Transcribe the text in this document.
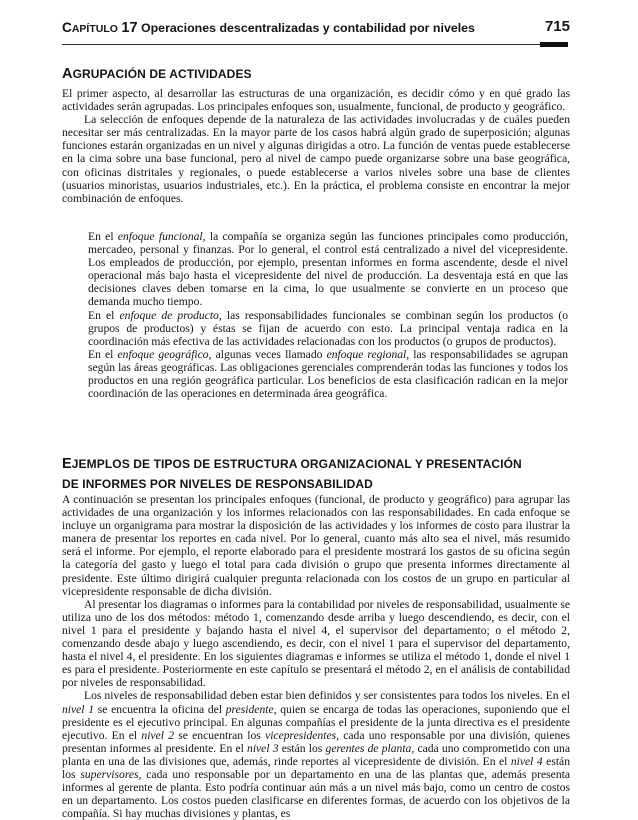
CAPÍTULO 17 Operaciones descentralizadas y contabilidad por niveles	715
AGRUPACIÓN DE ACTIVIDADES

El primer aspecto, al desarrollar las estructuras de una organización, es decidir cómo y en qué grado las actividades serán agrupadas. Los principales enfoques son, usualmente, funcional, de producto y geográfico.

La selección de enfoques depende de la naturaleza de las actividades involucradas y de cuáles pueden necesitar ser más centralizadas. En la mayor parte de los casos habrá algún grado de superposición; algunas funciones estarán organizadas en un nivel y algunas dirigidas a otro. La función de ventas puede establecerse en la cima sobre una base funcional, pero al nivel de campo puede organizarse sobre una base geográfica, con oficinas distritales y regionales, o puede establecerse a varios niveles sobre una base de clientes (usuarios minoristas, usuarios industriales, etc.). En la práctica, el problema consiste en encontrar la mejor combinación de enfoques.

En el enfoque funcional, la compañía se organiza según las funciones principales como producción, mercadeo, personal y finanzas. Por lo general, el control está centralizado a nivel del vicepresidente. Los empleados de producción, por ejemplo, presentan informes en forma ascendente, desde el nivel operacional más bajo hasta el vicepresidente del nivel de producción. La desventaja está en que las decisiones claves deben tomarse en la cima, lo que usualmente se convierte en un proceso que demanda mucho tiempo.

En el enfoque de producto, las responsabilidades funcionales se combinan según los productos (o grupos de productos) y éstas se fijan de acuerdo con esto. La principal ventaja radica en la coordinación más efectiva de las actividades relacionadas con los productos (o grupos de productos).

En el enfoque geográfico, algunas veces llamado enfoque regional, las responsabilidades se agrupan según las áreas geográficas. Las obligaciones gerenciales comprenderán todas las funciones y todos los productos en una región geográfica particular. Los beneficios de esta clasificación radican en la mejor coordinación de las operaciones en determinada área geográfica.

EJEMPLOS DE TIPOS DE ESTRUCTURA ORGANIZACIONAL Y PRESENTACIÓN
DE INFORMES POR NIVELES DE RESPONSABILIDAD

A continuación se presentan los principales enfoques (funcional, de producto y geográfico) para agrupar las actividades de una organización y los informes relacionados con las responsabilidades. En cada enfoque se incluye un organigrama para mostrar la disposición de las actividades y los informes de costo para ilustrar la manera de presentar los reportes en cada nivel. Por lo general, cuanto más alto sea el nivel, más resumido será el informe. Por ejemplo, el reporte elaborado para el presidente mostrará los gastos de su oficina según la categoría del gasto y luego el total para cada división o grupo que presenta informes directamente al presidente. Este último dirigirá cualquier pregunta relacionada con los costos de un grupo en particular al vicepresidente responsable de dicha división.

Al presentar los diagramas o informes para la contabilidad por niveles de responsabilidad, usualmente se utiliza uno de los dos métodos: método 1, comenzando desde arriba y luego descendiendo, es decir, con el nivel 1 para el presidente y bajando hasta el nivel 4, el supervisor del departamento; o el método 2, comenzando desde abajo y luego ascendiendo, es decir, con el nivel 1 para el supervisor del departamento, hasta el nivel 4, el presidente. En los siguientes diagramas e informes se utiliza el método 1, donde el nivel 1 es para el presidente. Posteriormente en este capítulo se presentará el método 2, en el análisis de contabilidad por niveles de responsabilidad.

Los niveles de responsabilidad deben estar bien definidos y ser consistentes para todos los niveles. En el nivel 1 se encuentra la oficina del presidente, quien se encarga de todas las operaciones, suponiendo que el presidente es el ejecutivo principal. En algunas compañías el presidente de la junta directiva es el presidente ejecutivo. En el nivel 2 se encuentran los vicepresidentes, cada uno responsable por una división, quienes presentan informes al presidente. En el nivel 3 están los gerentes de planta, cada uno comprometido con una planta en una de las divisiones que, además, rinde reportes al vicepresidente de división. En el nivel 4 están los supervisores, cada uno responsable por un departamento en una de las plantas que, además presenta informes al gerente de planta. Esto podría continuar aún más a un nivel más bajo, como un centro de costos en un departamento. Los costos pueden clasificarse en diferentes formas, de acuerdo con los objetivos de la compañía. Si hay muchas divisiones y plantas, es
